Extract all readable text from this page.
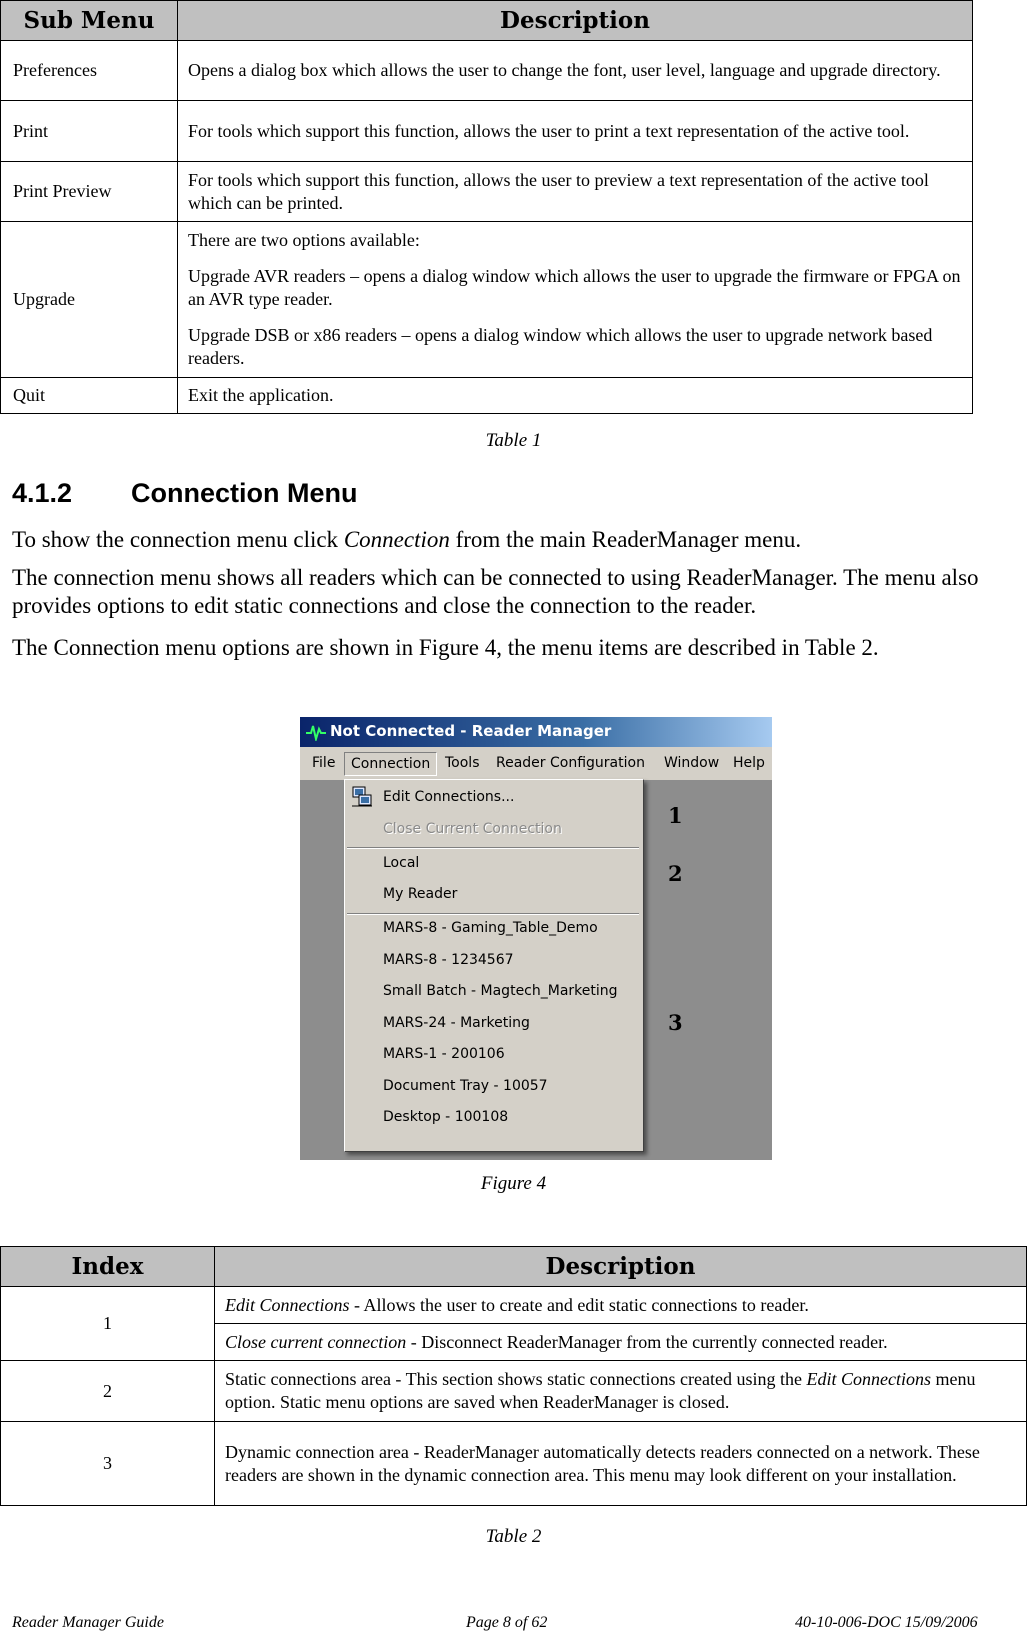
Sub Menu	Description
Preferences	Opens a dialog box which allows the user to change the font, user level, language and upgrade directory.
Print	For tools which support this function, allows the user to print a text representation of the active tool.
Print Preview	For tools which support this function, allows the user to preview a text representation of the active tool which can be printed.
Upgrade	There are two options available:

Upgrade AVR readers – opens a dialog window which allows the user to upgrade the firmware or FPGA on an AVR type reader.

Upgrade DSB or x86 readers – opens a dialog window which allows the user to upgrade network based readers.

Quit	Exit the application.
Table 1
4.1.2 Connection Menu

To show the connection menu click Connection from the main ReaderManager menu.

The connection menu shows all readers which can be connected to using ReaderManager. The menu also provides options to edit static connections and close the connection to the reader.

The Connection menu options are shown in Figure 4, the menu items are described in Table 2.

Not Connected - Reader Manager
File	Connection	Tools Reader Configuration Window Help
Edit Connections...
Close Current Connection
Local
My Reader
MARS-8 - Gaming_Table_Demo
MARS-8 - 1234567
Small Batch - Magtech_Marketing
MARS-24 - Marketing
MARS-1 - 200106
Document Tray - 10057
Desktop - 100108
1
2
3
Figure 4
Index	Description
1	Edit Connections - Allows the user to create and edit static connections to reader.
	Close current connection - Disconnect ReaderManager from the currently connected reader.
2	Static connections area - This section shows static connections created using the Edit Connections menu option. Static menu options are saved when ReaderManager is closed.
3	Dynamic connection area - ReaderManager automatically detects readers connected on a network. These readers are shown in the dynamic connection area. This menu may look different on your installation.
Table 2
Reader Manager Guide	Page 8 of 62	40-10-006-DOC 15/09/2006
